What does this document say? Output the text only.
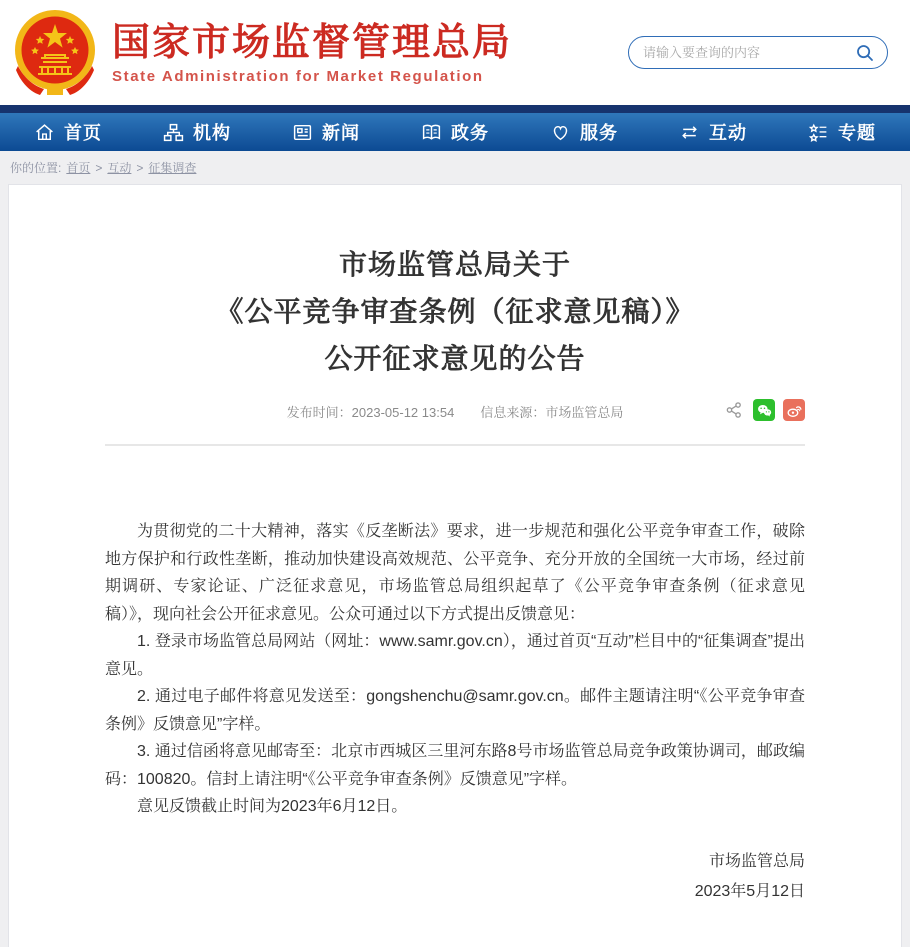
国家市场监督管理总局
State Administration for Market Regulation
请输入要查询的内容
首页	机构	新闻	政务	服务	互动	专题
你的位置: 首页 > 互动 > 征集调查
市场监管总局关于
《公平竞争审查条例（征求意见稿）》
公开征求意见的公告
发布时间：2023-05-12 13:54 信息来源：市场监管总局

为贯彻党的二十大精神，落实《反垄断法》要求，进一步规范和强化公平竞争审查工作，破除地方保护和行政性垄断，推动加快建设高效规范、公平竞争、充分开放的全国统一大市场，经过前期调研、专家论证、广泛征求意见，市场监管总局组织起草了《公平竞争审查条例（征求意见稿）》，现向社会公开征求意见。公众可通过以下方式提出反馈意见：

1. 登录市场监管总局网站（网址：www.samr.gov.cn），通过首页“互动”栏目中的“征集调查”提出意见。

2. 通过电子邮件将意见发送至：gongshenchu@samr.gov.cn。邮件主题请注明“《公平竞争审查条例》反馈意见”字样。

3. 通过信函将意见邮寄至：北京市西城区三里河东路8号市场监管总局竞争政策协调司，邮政编码：100820。信封上请注明“《公平竞争审查条例》反馈意见”字样。

意见反馈截止时间为2023年6月12日。

市场监管总局
2023年5月12日
